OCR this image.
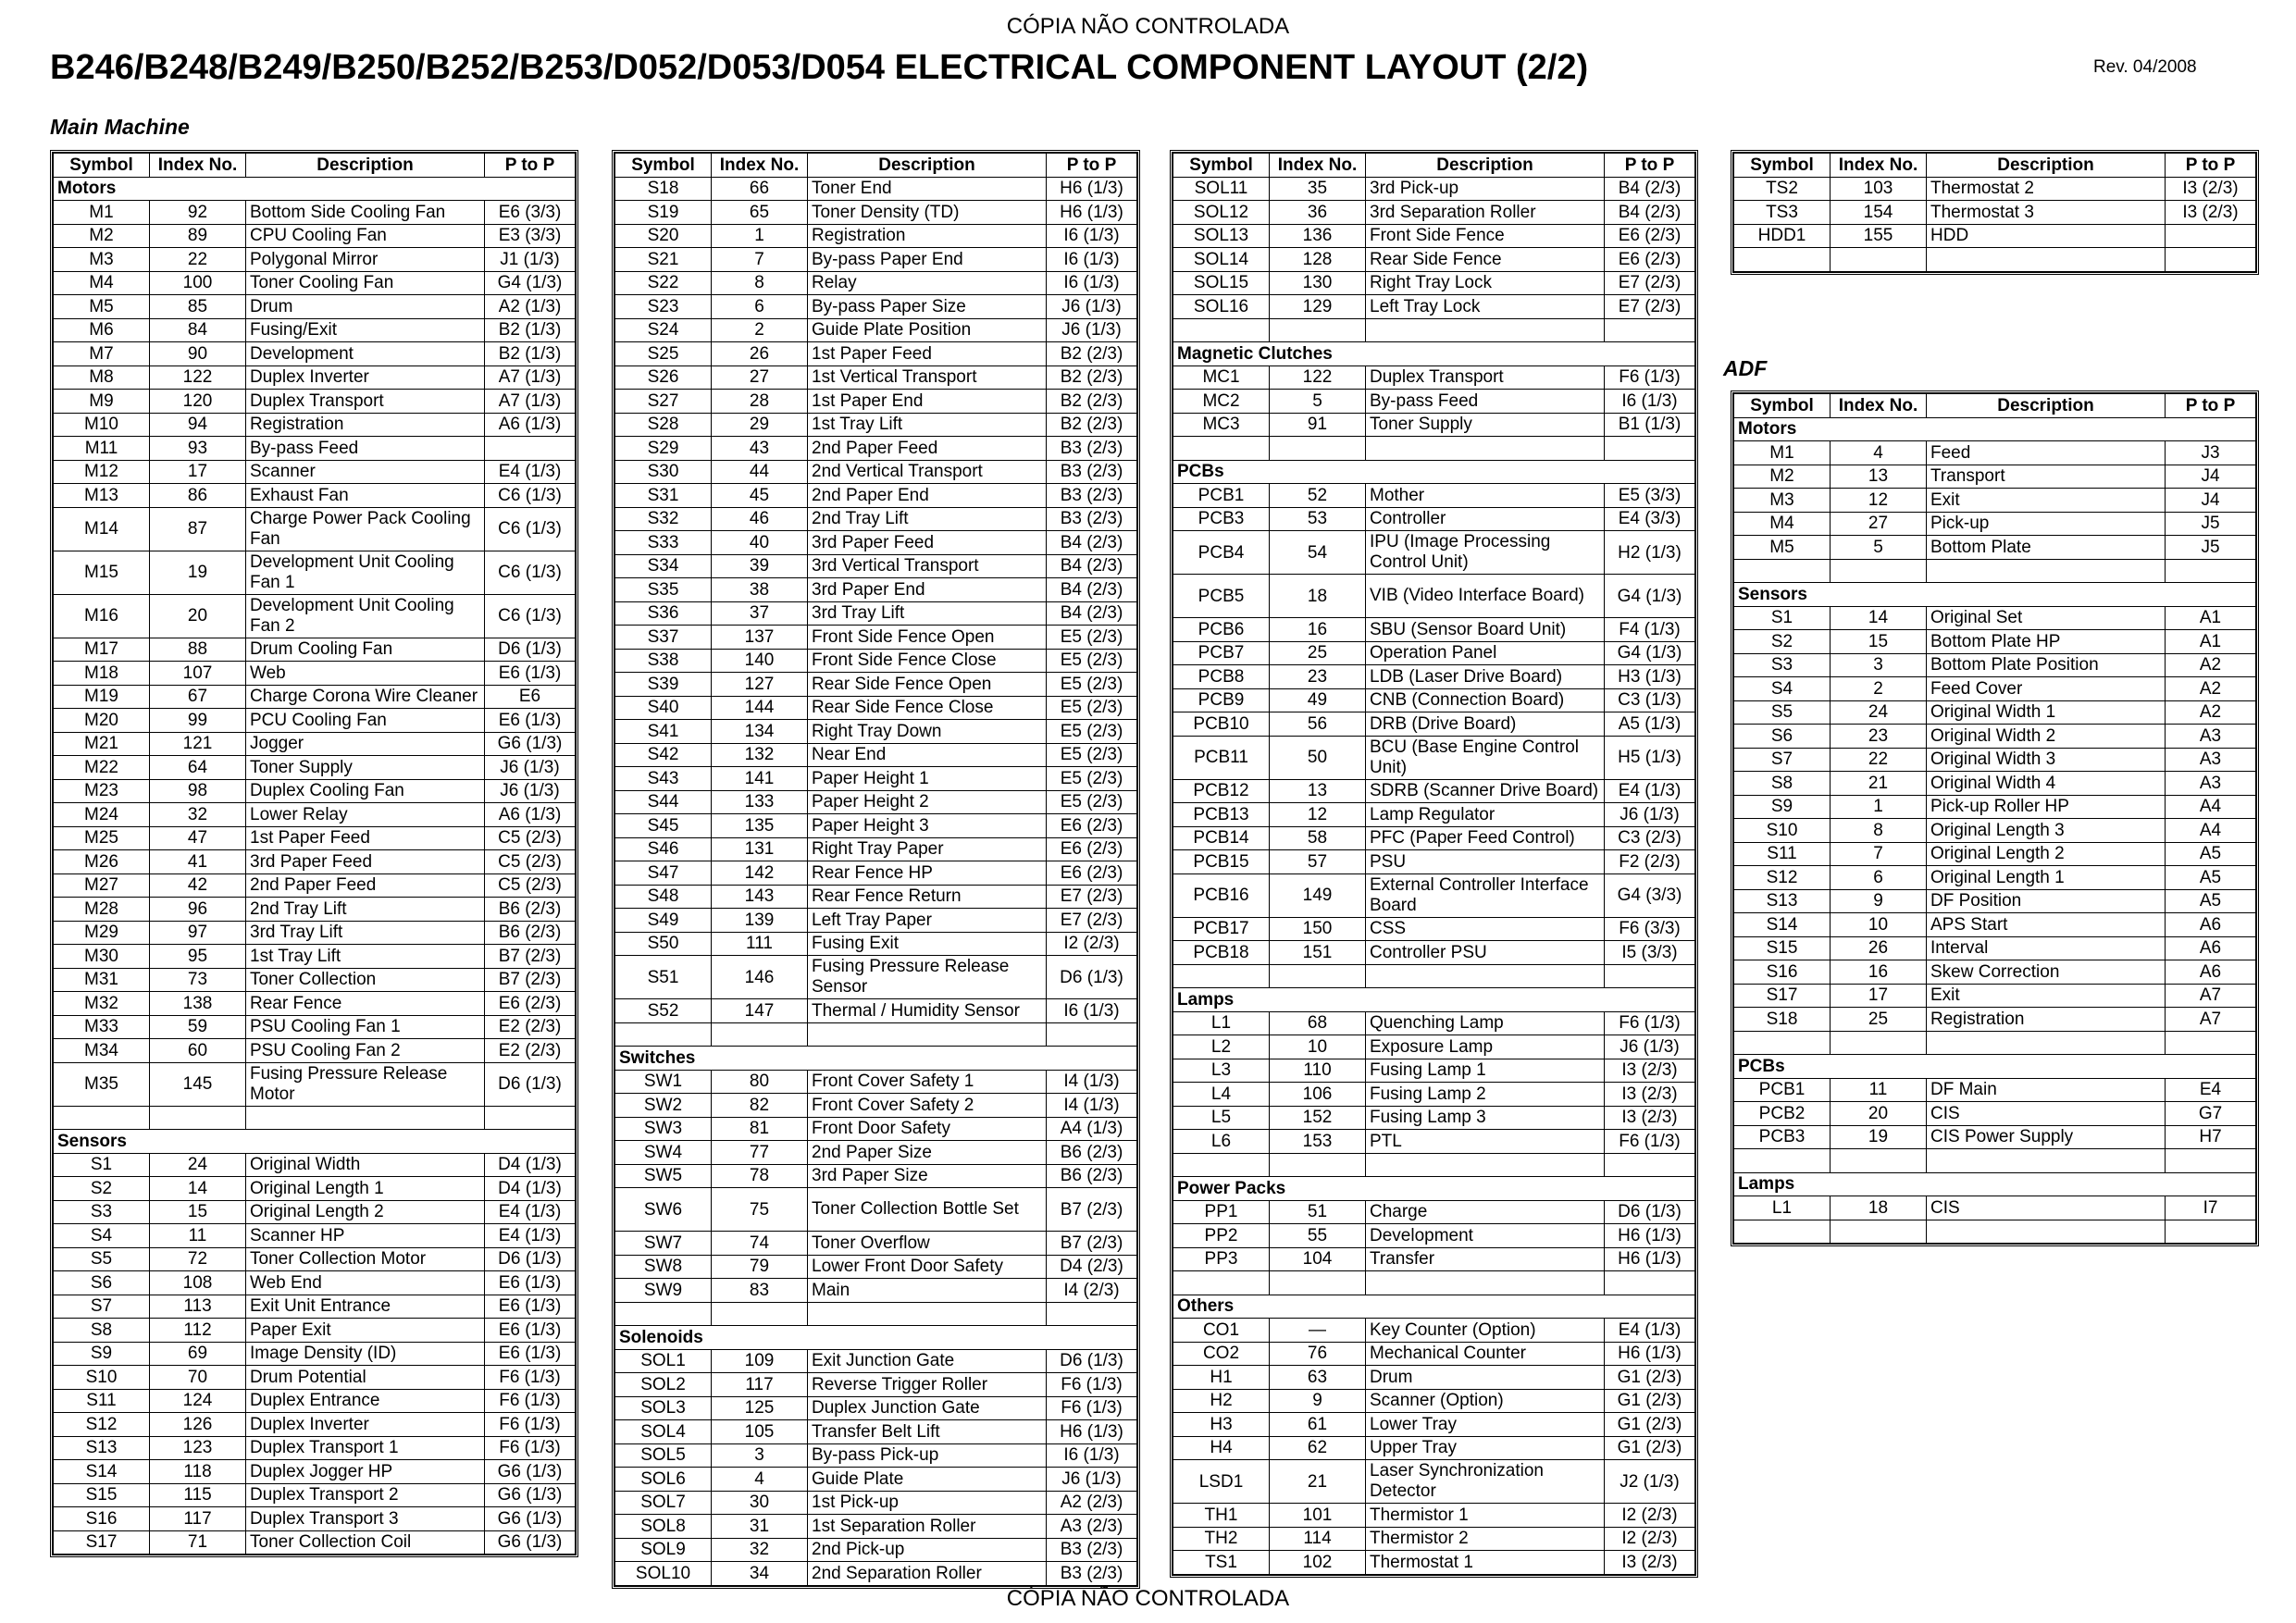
CÓPIA NÃO CONTROLADA
B246/B248/B249/B250/B252/B253/D052/D053/D054 ELECTRICAL COMPONENT LAYOUT (2/2)	Rev. 04/2008
Main Machine
ADF
Symbol	Index No.	Description	P to P
Motors			
M1	92	Bottom Side Cooling Fan	E6 (3/3)
M2	89	CPU Cooling Fan	E3 (3/3)
M3	22	Polygonal Mirror	J1 (1/3)
M4	100	Toner Cooling Fan	G4 (1/3)
M5	85	Drum	A2 (1/3)
M6	84	Fusing/Exit	B2 (1/3)
M7	90	Development	B2 (1/3)
M8	122	Duplex Inverter	A7 (1/3)
M9	120	Duplex Transport	A7 (1/3)
M10	94	Registration	A6 (1/3)
M11	93	By-pass Feed	
M12	17	Scanner	E4 (1/3)
M13	86	Exhaust Fan	C6 (1/3)
M14	87	Charge Power Pack Cooling Fan	C6 (1/3)
M15	19	Development Unit Cooling Fan 1	C6 (1/3)
M16	20	Development Unit Cooling Fan 2	C6 (1/3)
M17	88	Drum Cooling Fan	D6 (1/3)
M18	107	Web	E6 (1/3)
M19	67	Charge Corona Wire Cleaner	E6
M20	99	PCU Cooling Fan	E6 (1/3)
M21	121	Jogger	G6 (1/3)
M22	64	Toner Supply	J6 (1/3)
M23	98	Duplex Cooling Fan	J6 (1/3)
M24	32	Lower Relay	A6 (1/3)
M25	47	1st Paper Feed	C5 (2/3)
M26	41	3rd Paper Feed	C5 (2/3)
M27	42	2nd Paper Feed	C5 (2/3)
M28	96	2nd Tray Lift	B6 (2/3)
M29	97	3rd Tray Lift	B6 (2/3)
M30	95	1st Tray Lift	B7 (2/3)
M31	73	Toner Collection	B7 (2/3)
M32	138	Rear Fence	E6 (2/3)
M33	59	PSU Cooling Fan 1	E2 (2/3)
M34	60	PSU Cooling Fan 2	E2 (2/3)
M35	145	Fusing Pressure Release Motor	D6 (1/3)

Sensors			
S1	24	Original Width	D4 (1/3)
S2	14	Original Length 1	D4 (1/3)
S3	15	Original Length 2	E4 (1/3)
S4	11	Scanner HP	E4 (1/3)
S5	72	Toner Collection Motor	D6 (1/3)
S6	108	Web End	E6 (1/3)
S7	113	Exit Unit Entrance	E6 (1/3)
S8	112	Paper Exit	E6 (1/3)
S9	69	Image Density (ID)	E6 (1/3)
S10	70	Drum Potential	F6 (1/3)
S11	124	Duplex Entrance	F6 (1/3)
S12	126	Duplex Inverter	F6 (1/3)
S13	123	Duplex Transport 1	F6 (1/3)
S14	118	Duplex Jogger HP	G6 (1/3)
S15	115	Duplex Transport 2	G6 (1/3)
S16	117	Duplex Transport 3	G6 (1/3)
S17	71	Toner Collection Coil	G6 (1/3)
Symbol	Index No.	Description	P to P
S18	66	Toner End	H6 (1/3)
S19	65	Toner Density (TD)	H6 (1/3)
S20	1	Registration	I6 (1/3)
S21	7	By-pass Paper End	I6 (1/3)
S22	8	Relay	I6 (1/3)
S23	6	By-pass Paper Size	J6 (1/3)
S24	2	Guide Plate Position	J6 (1/3)
S25	26	1st Paper Feed	B2 (2/3)
S26	27	1st Vertical Transport	B2 (2/3)
S27	28	1st Paper End	B2 (2/3)
S28	29	1st Tray Lift	B2 (2/3)
S29	43	2nd Paper Feed	B3 (2/3)
S30	44	2nd Vertical Transport	B3 (2/3)
S31	45	2nd Paper End	B3 (2/3)
S32	46	2nd Tray Lift	B3 (2/3)
S33	40	3rd Paper Feed	B4 (2/3)
S34	39	3rd Vertical Transport	B4 (2/3)
S35	38	3rd Paper End	B4 (2/3)
S36	37	3rd Tray Lift	B4 (2/3)
S37	137	Front Side Fence Open	E5 (2/3)
S38	140	Front Side Fence Close	E5 (2/3)
S39	127	Rear Side Fence Open	E5 (2/3)
S40	144	Rear Side Fence Close	E5 (2/3)
S41	134	Right Tray Down	E5 (2/3)
S42	132	Near End	E5 (2/3)
S43	141	Paper Height 1	E5 (2/3)
S44	133	Paper Height 2	E5 (2/3)
S45	135	Paper Height 3	E6 (2/3)
S46	131	Right Tray Paper	E6 (2/3)
S47	142	Rear Fence HP	E6 (2/3)
S48	143	Rear Fence Return	E7 (2/3)
S49	139	Left Tray Paper	E7 (2/3)
S50	111	Fusing Exit	I2 (2/3)
S51	146	Fusing Pressure Release Sensor	D6 (1/3)
S52	147	Thermal / Humidity Sensor	I6 (1/3)

Switches			
SW1	80	Front Cover Safety 1	I4 (1/3)
SW2	82	Front Cover Safety 2	I4 (1/3)
SW3	81	Front Door Safety	A4 (1/3)
SW4	77	2nd Paper Size	B6 (2/3)
SW5	78	3rd Paper Size	B6 (2/3)
SW6	75	Toner Collection Bottle Set	B7 (2/3)
SW7	74	Toner Overflow	B7 (2/3)
SW8	79	Lower Front Door Safety	D4 (2/3)
SW9	83	Main	I4 (2/3)

Solenoids			
SOL1	109	Exit Junction Gate	D6 (1/3)
SOL2	117	Reverse Trigger Roller	F6 (1/3)
SOL3	125	Duplex Junction Gate	F6 (1/3)
SOL4	105	Transfer Belt Lift	H6 (1/3)
SOL5	3	By-pass Pick-up	I6 (1/3)
SOL6	4	Guide Plate	J6 (1/3)
SOL7	30	1st Pick-up	A2 (2/3)
SOL8	31	1st Separation Roller	A3 (2/3)
SOL9	32	2nd Pick-up	B3 (2/3)
SOL10	34	2nd Separation Roller	B3 (2/3)
Symbol	Index No.	Description	P to P
SOL11	35	3rd Pick-up	B4 (2/3)
SOL12	36	3rd Separation Roller	B4 (2/3)
SOL13	136	Front Side Fence	E6 (2/3)
SOL14	128	Rear Side Fence	E6 (2/3)
SOL15	130	Right Tray Lock	E7 (2/3)
SOL16	129	Left Tray Lock	E7 (2/3)

Magnetic Clutches			
MC1	122	Duplex Transport	F6 (1/3)
MC2	5	By-pass Feed	I6 (1/3)
MC3	91	Toner Supply	B1 (1/3)

PCBs			
PCB1	52	Mother	E5 (3/3)
PCB3	53	Controller	E4 (3/3)
PCB4	54	IPU (Image Processing Control Unit)	H2 (1/3)
PCB5	18	VIB (Video Interface Board)	G4 (1/3)
PCB6	16	SBU (Sensor Board Unit)	F4 (1/3)
PCB7	25	Operation Panel	G4 (1/3)
PCB8	23	LDB (Laser Drive Board)	H3 (1/3)
PCB9	49	CNB (Connection Board)	C3 (1/3)
PCB10	56	DRB (Drive Board)	A5 (1/3)
PCB11	50	BCU (Base Engine Control Unit)	H5 (1/3)
PCB12	13	SDRB (Scanner Drive Board)	E4 (1/3)
PCB13	12	Lamp Regulator	J6 (1/3)
PCB14	58	PFC (Paper Feed Control)	C3 (2/3)
PCB15	57	PSU	F2 (2/3)
PCB16	149	External Controller Interface Board	G4 (3/3)
PCB17	150	CSS	F6 (3/3)
PCB18	151	Controller PSU	I5 (3/3)

Lamps			
L1	68	Quenching Lamp	F6 (1/3)
L2	10	Exposure Lamp	J6 (1/3)
L3	110	Fusing Lamp 1	I3 (2/3)
L4	106	Fusing Lamp 2	I3 (2/3)
L5	152	Fusing Lamp 3	I3 (2/3)
L6	153	PTL	F6 (1/3)

Power Packs			
PP1	51	Charge	D6 (1/3)
PP2	55	Development	H6 (1/3)
PP3	104	Transfer	H6 (1/3)

Others			
CO1	—	Key Counter (Option)	E4 (1/3)
CO2	76	Mechanical Counter	H6 (1/3)
H1	63	Drum	G1 (2/3)
H2	9	Scanner (Option)	G1 (2/3)
H3	61	Lower Tray	G1 (2/3)
H4	62	Upper Tray	G1 (2/3)
LSD1	21	Laser Synchronization Detector	J2 (1/3)
TH1	101	Thermistor 1	I2 (2/3)
TH2	114	Thermistor 2	I2 (2/3)
TS1	102	Thermostat 1	I3 (2/3)
Symbol	Index No.	Description	P to P
TS2	103	Thermostat 2	I3 (2/3)
TS3	154	Thermostat 3	I3 (2/3)
HDD1	155	HDD	

Symbol	Index No.	Description	P to P
Motors			
M1	4	Feed	J3
M2	13	Transport	J4
M3	12	Exit	J4
M4	27	Pick-up	J5
M5	5	Bottom Plate	J5

Sensors			
S1	14	Original Set	A1
S2	15	Bottom Plate HP	A1
S3	3	Bottom Plate Position	A2
S4	2	Feed Cover	A2
S5	24	Original Width 1	A2
S6	23	Original Width 2	A3
S7	22	Original Width 3	A3
S8	21	Original Width 4	A3
S9	1	Pick-up Roller HP	A4
S10	8	Original Length 3	A4
S11	7	Original Length 2	A5
S12	6	Original Length 1	A5
S13	9	DF Position	A5
S14	10	APS Start	A6
S15	26	Interval	A6
S16	16	Skew Correction	A6
S17	17	Exit	A7
S18	25	Registration	A7

PCBs			
PCB1	11	DF Main	E4
PCB2	20	CIS	G7
PCB3	19	CIS Power Supply	H7

Lamps			
L1	18	CIS	I7

CÓPIA NÃO CONTROLADA
